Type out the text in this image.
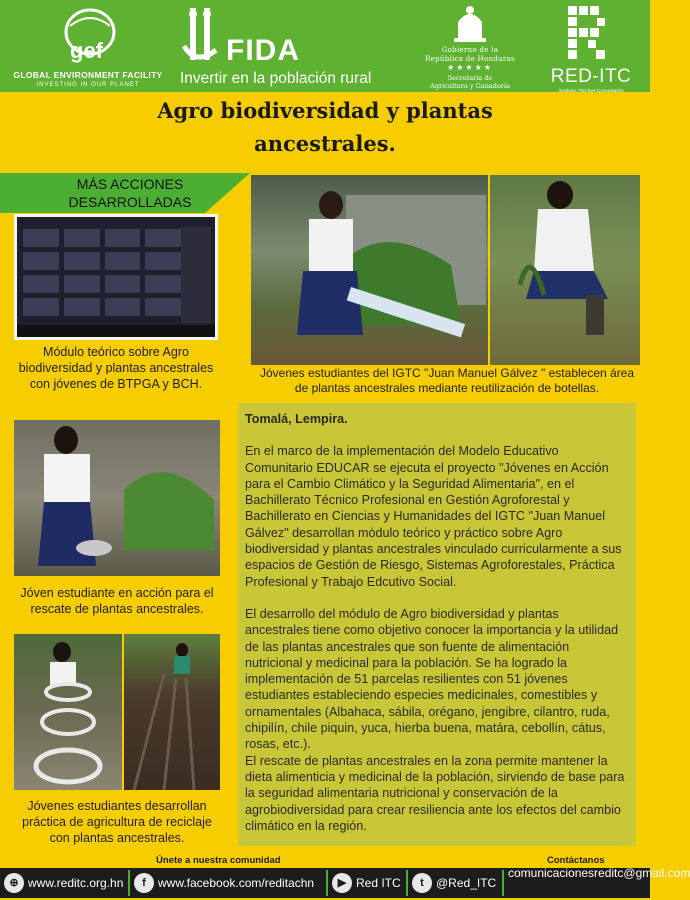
gef
GLOBAL ENVIRONMENT FACILITY
INVESTING IN OUR PLANET
FIDA
Invertir en la población rural
Gobierno de la
República de Honduras
★★★★★
Secretaría de
Agricultura y Ganadería	RED-ITC
Institutos Técnicos Comunitarios
Agro biodiversidad y plantas
ancestrales.
MÁS ACCIONES
DESARROLLADAS
Módulo teórico sobre Agro biodiversidad y plantas ancestrales con jóvenes de BTPGA y BCH.
Jóvenes estudiantes del IGTC "Juan Manuel Gálvez " establecen área de plantas ancestrales mediante reutilización de botellas.
Jóven estudiante en acción para el rescate de plantas ancestrales.
Jóvenes estudiantes desarrollan práctica de agricultura de reciclaje con plantas ancestrales.
Tomalá, Lempira.

En el marco de la implementación del Modelo Educativo Comunitario EDUCAR se ejecuta el proyecto "Jóvenes en Acción para el Cambio Climático y la Seguridad Alimentaria", en el Bachillerato Técnico Profesional en Gestión Agroforestal y Bachillerato en Ciencias y Humanidades del IGTC "Juan Manuel Gálvez" desarrollan módulo teórico y práctico sobre Agro biodiversidad y plantas ancestrales vinculado curricularmente a sus espacios de Gestión de Riesgo, Sistemas Agroforestales, Práctica Profesional y Trabajo Edcutivo Social.

El desarrollo del módulo de Agro biodiversidad y plantas ancestrales tiene como objetivo conocer la importancia y la utilidad de las plantas ancestrales que son fuente de alimentación nutricional y medicinal para la población. Se ha logrado la implementación de 51 parcelas resilientes con 51 jóvenes estudiantes estableciendo especies medicinales, comestibles y ornamentales (Albahaca, sábila, orégano, jengibre, cilantro, ruda, chipilín, chile piquin, yuca, hierba buena, matára, cebollín, cátus, rosas, etc.).

El rescate de plantas ancestrales en la zona permite mantener la dieta alimenticia y medicinal de la población, sirviendo de base para la seguridad alimentaria nutricional y conservación de la agrobiodiversidad para crear resiliencia ante los efectos del cambio climático en la región.
Únete a nuestra comunidad	Contáctanos
⊕ www.reditc.org.hn	f	www.facebook.com/reditachn	▶ Red ITC	t	@Red_ITC
comunicacionesreditc@gmail.com
